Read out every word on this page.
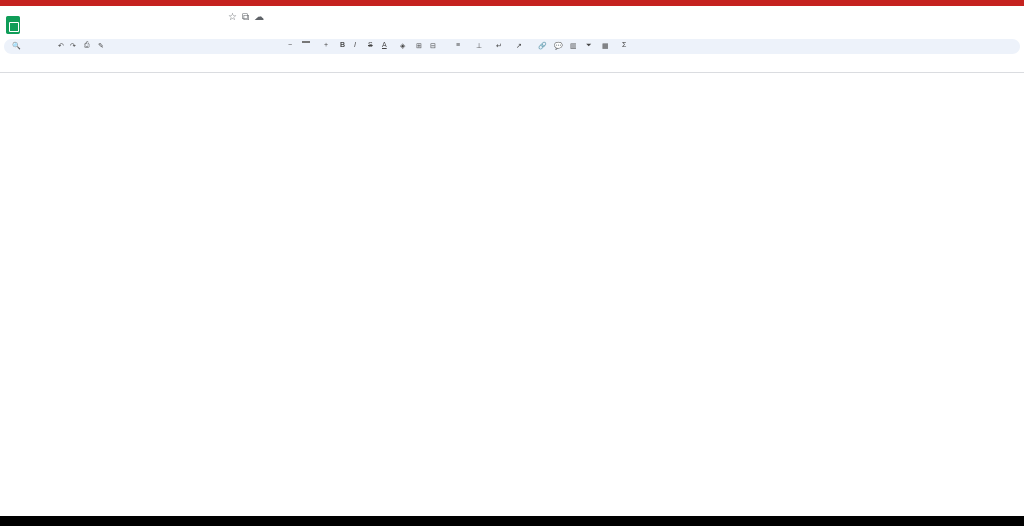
☆⧉☁
🔍	↶ ↷ ⎙ ✎	−	+ B I S A ◈ ⊞ ⊟	≡ ⊥ ↵ ↗ 🔗 💬 ▥ ⏷ ▦ Σ
